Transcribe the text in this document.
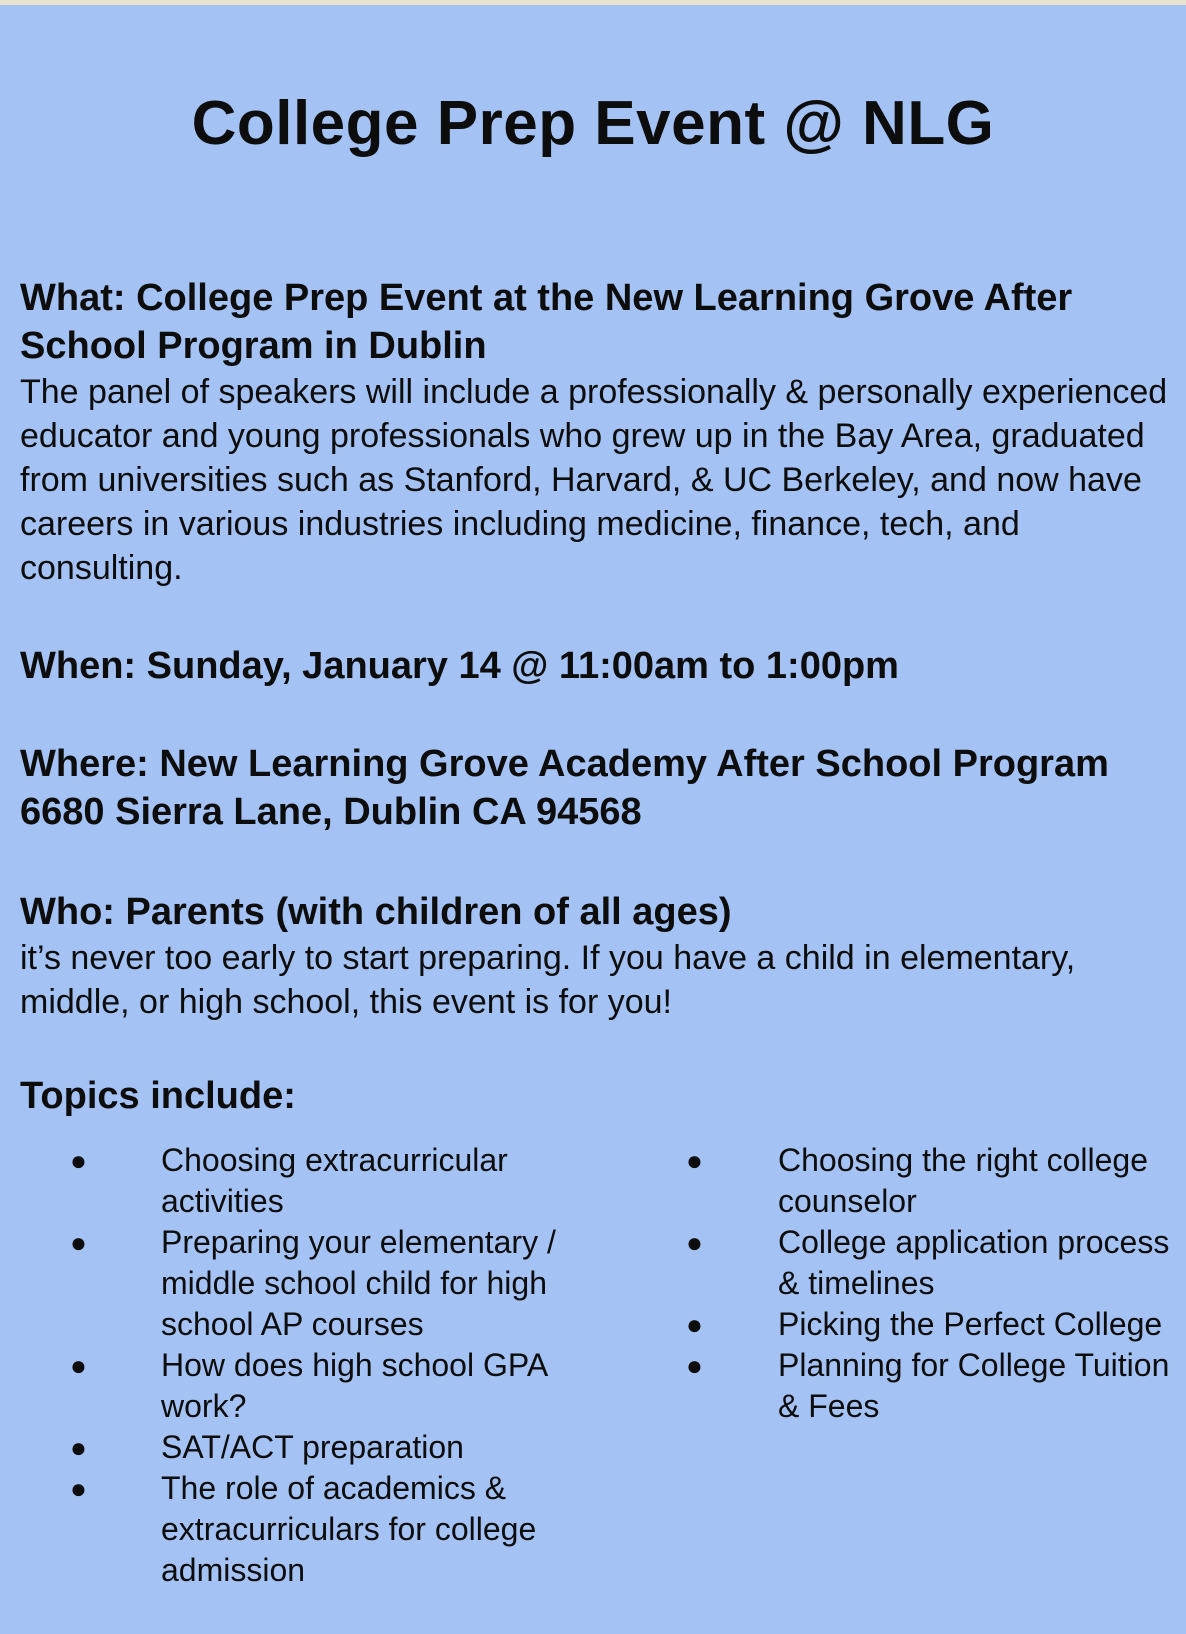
College Prep Event @ NLG

What: College Prep Event at the New Learning Grove After School Program in Dublin

The panel of speakers will include a professionally & personally experienced educator and young professionals who grew up in the Bay Area, graduated from universities such as Stanford, Harvard, & UC Berkeley, and now have careers in various industries including medicine, finance, tech, and consulting.

When: Sunday, January 14 @ 11:00am to 1:00pm

Where: New Learning Grove Academy After School Program

6680 Sierra Lane, Dublin CA 94568

Who: Parents (with children of all ages)

it’s never too early to start preparing. If you have a child in elementary, middle, or high school, this event is for you!

Topics include:

● Choosing extracurricular activities
● Preparing your elementary / middle school child for high school AP courses
● How does high school GPA work?
● SAT/ACT preparation
● The role of academics & extracurriculars for college admission
● Choosing the right college counselor
● College application process & timelines
● Picking the Perfect College
● Planning for College Tuition & Fees
